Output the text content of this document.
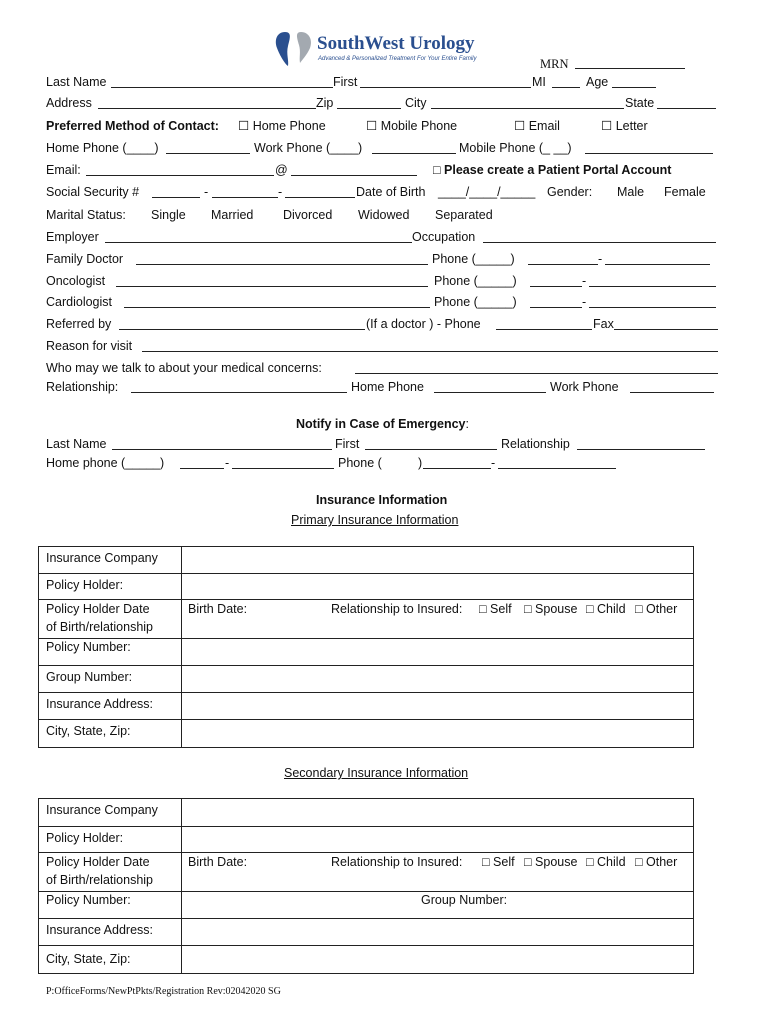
SouthWest Urology
Advanced & Personalized Treatment For Your Entire Family	MRN
Last Name	First	MI	Age
Address	Zip	City	State
Preferred Method of Contact: ☐ Home Phone	☐ Mobile Phone	☐ Email	☐ Letter
Home Phone (____)	Work Phone (____)	Mobile Phone (_ __)
Email:	@	□ Please create a Patient Portal Account
Social Security #	-	-	Date of Birth ____/____/_____ Gender: Male Female
Marital Status: Single Married Divorced Widowed Separated
Employer	Occupation
Family Doctor	Phone (_____)	-
Oncologist	Phone (_____)	-
Cardiologist	Phone (_____)	-
Referred by	(If a doctor ) - Phone	Fax
Reason for visit
Who may we talk to about your medical concerns:
Relationship:	Home Phone	Work Phone
Notify in Case of Emergency:
Last Name	First	Relationship
Home phone (_____)	-	Phone (	)	-
Insurance Information
Primary Insurance Information
Insurance Company
Policy Holder:
Policy Holder Date
of Birth/relationship
Birth Date:	Relationship to Insured: □ Self □ Spouse □ Child □ Other
Policy Number:
Group Number:
Insurance Address:
City, State, Zip:
Secondary Insurance Information
Insurance Company
Policy Holder:
Policy Holder Date
of Birth/relationship
Birth Date:	Relationship to Insured: □ Self □ Spouse □ Child □ Other
Policy Number:	Group Number:
Insurance Address:
City, State, Zip:
P:OfficeForms/NewPtPkts/Registration Rev:02042020 SG
